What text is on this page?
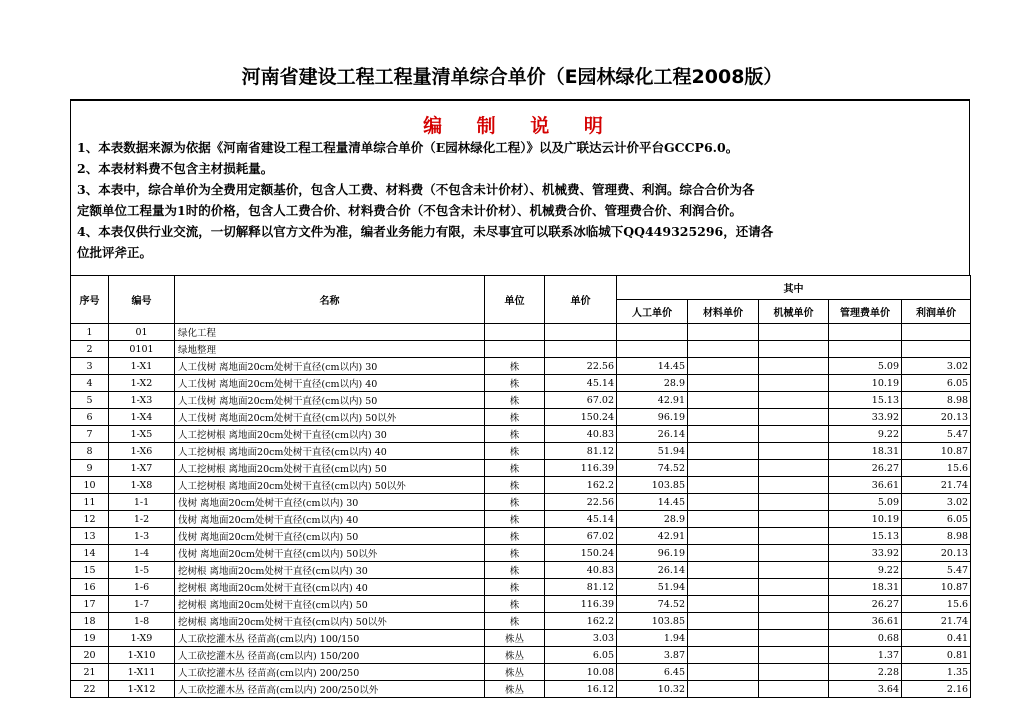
河南省建设工程工程量清单综合单价（E园林绿化工程2008版）
编 制 说 明
1、本表数据来源为依据《河南省建设工程工程量清单综合单价（E园林绿化工程）》以及广联达云计价平台GCCP6.0。
2、本表材料费不包含主材损耗量。
3、本表中，综合单价为全费用定额基价，包含人工费、材料费（不包含未计价材）、机械费、管理费、利润。综合合价为各
定额单位工程量为1时的价格，包含人工费合价、材料费合价（不包含未计价材）、机械费合价、管理费合价、利润合价。
4、本表仅供行业交流，一切解释以官方文件为准，编者业务能力有限，未尽事宜可以联系冰临城下QQ449325296，还请各
位批评斧正。
序号	编号	名称	单位	单价	其中				
					人工单价	材料单价	机械单价	管理费单价	利润单价
1	01	绿化工程							
2	0101	绿地整理							
3	1-X1	人工伐树 离地面20cm处树干直径(cm以内) 30	株	22.56	14.45			5.09	3.02
4	1-X2	人工伐树 离地面20cm处树干直径(cm以内) 40	株	45.14	28.9			10.19	6.05
5	1-X3	人工伐树 离地面20cm处树干直径(cm以内) 50	株	67.02	42.91			15.13	8.98
6	1-X4	人工伐树 离地面20cm处树干直径(cm以内) 50以外	株	150.24	96.19			33.92	20.13
7	1-X5	人工挖树根 离地面20cm处树干直径(cm以内) 30	株	40.83	26.14			9.22	5.47
8	1-X6	人工挖树根 离地面20cm处树干直径(cm以内) 40	株	81.12	51.94			18.31	10.87
9	1-X7	人工挖树根 离地面20cm处树干直径(cm以内) 50	株	116.39	74.52			26.27	15.6
10	1-X8	人工挖树根 离地面20cm处树干直径(cm以内) 50以外	株	162.2	103.85			36.61	21.74
11	1-1	伐树 离地面20cm处树干直径(cm以内) 30	株	22.56	14.45			5.09	3.02
12	1-2	伐树 离地面20cm处树干直径(cm以内) 40	株	45.14	28.9			10.19	6.05
13	1-3	伐树 离地面20cm处树干直径(cm以内) 50	株	67.02	42.91			15.13	8.98
14	1-4	伐树 离地面20cm处树干直径(cm以内) 50以外	株	150.24	96.19			33.92	20.13
15	1-5	挖树根 离地面20cm处树干直径(cm以内) 30	株	40.83	26.14			9.22	5.47
16	1-6	挖树根 离地面20cm处树干直径(cm以内) 40	株	81.12	51.94			18.31	10.87
17	1-7	挖树根 离地面20cm处树干直径(cm以内) 50	株	116.39	74.52			26.27	15.6
18	1-8	挖树根 离地面20cm处树干直径(cm以内) 50以外	株	162.2	103.85			36.61	21.74
19	1-X9	人工砍挖灌木丛 径苗高(cm以内) 100/150	株丛	3.03	1.94			0.68	0.41
20	1-X10	人工砍挖灌木丛 径苗高(cm以内) 150/200	株丛	6.05	3.87			1.37	0.81
21	1-X11	人工砍挖灌木丛 径苗高(cm以内) 200/250	株丛	10.08	6.45			2.28	1.35
22	1-X12	人工砍挖灌木丛 径苗高(cm以内) 200/250以外	株丛	16.12	10.32			3.64	2.16
